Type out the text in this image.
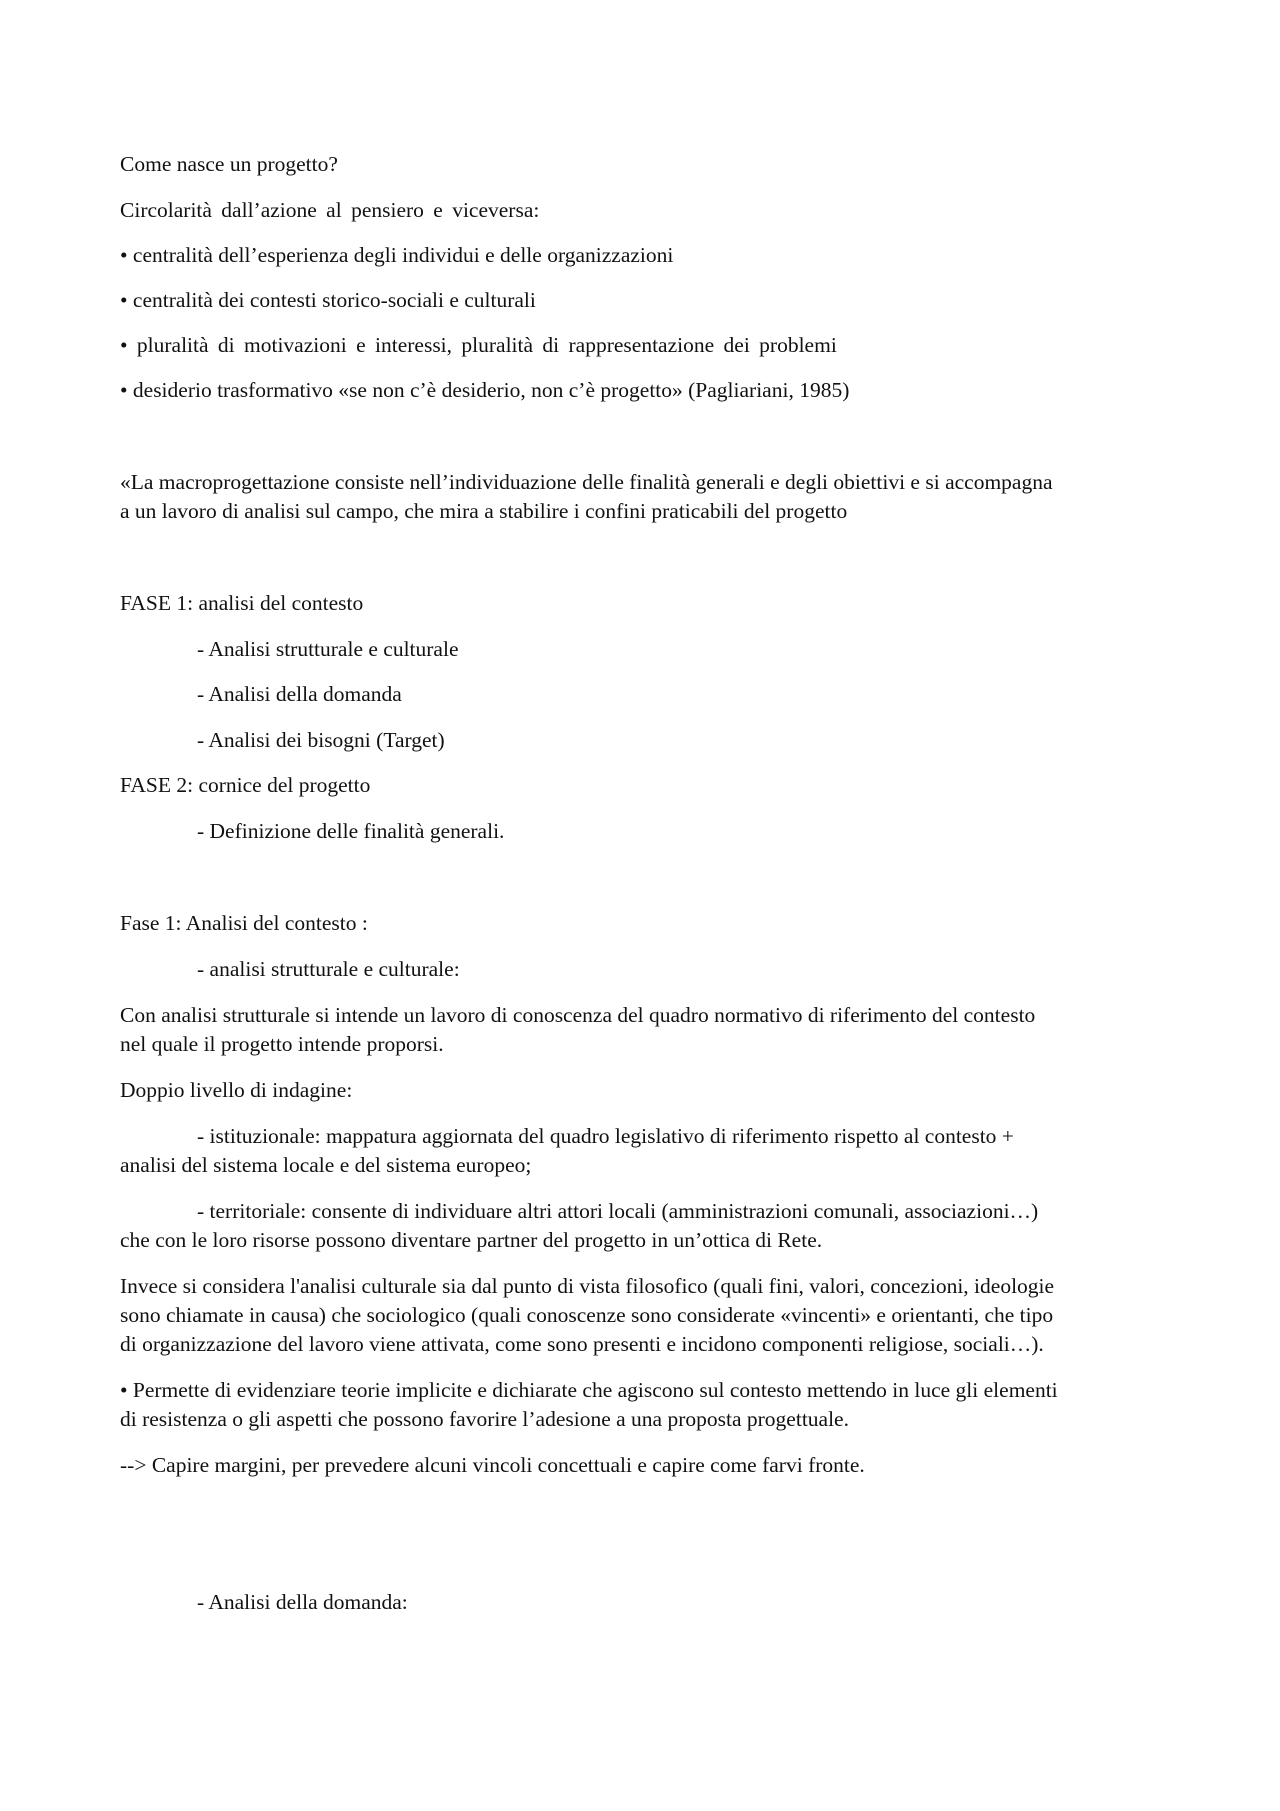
Come nasce un progetto?

Circolarità dall’azione al pensiero e viceversa:

• centralità dell’esperienza degli individui e delle organizzazioni

• centralità dei contesti storico-sociali e culturali

• pluralità di motivazioni e interessi, pluralità di rappresentazione dei problemi

• desiderio trasformativo «se non c’è desiderio, non c’è progetto» (Pagliariani, 1985)

«La macroprogettazione consiste nell’individuazione delle finalità generali e degli obiettivi e si accompagna

a un lavoro di analisi sul campo, che mira a stabilire i confini praticabili del progetto

FASE 1: analisi del contesto

- Analisi strutturale e culturale

- Analisi della domanda

- Analisi dei bisogni (Target)

FASE 2: cornice del progetto

- Definizione delle finalità generali.

Fase 1: Analisi del contesto :

- analisi strutturale e culturale:

Con analisi strutturale si intende un lavoro di conoscenza del quadro normativo di riferimento del contesto

nel quale il progetto intende proporsi.

Doppio livello di indagine:

- istituzionale: mappatura aggiornata del quadro legislativo di riferimento rispetto al contesto +

analisi del sistema locale e del sistema europeo;

- territoriale: consente di individuare altri attori locali (amministrazioni comunali, associazioni…)

che con le loro risorse possono diventare partner del progetto in un’ottica di Rete.

Invece si considera l'analisi culturale sia dal punto di vista filosofico (quali fini, valori, concezioni, ideologie

sono chiamate in causa) che sociologico (quali conoscenze sono considerate «vincenti» e orientanti, che tipo

di organizzazione del lavoro viene attivata, come sono presenti e incidono componenti religiose, sociali…).

• Permette di evidenziare teorie implicite e dichiarate che agiscono sul contesto mettendo in luce gli elementi

di resistenza o gli aspetti che possono favorire l’adesione a una proposta progettuale.

--> Capire margini, per prevedere alcuni vincoli concettuali e capire come farvi fronte.

- Analisi della domanda:
